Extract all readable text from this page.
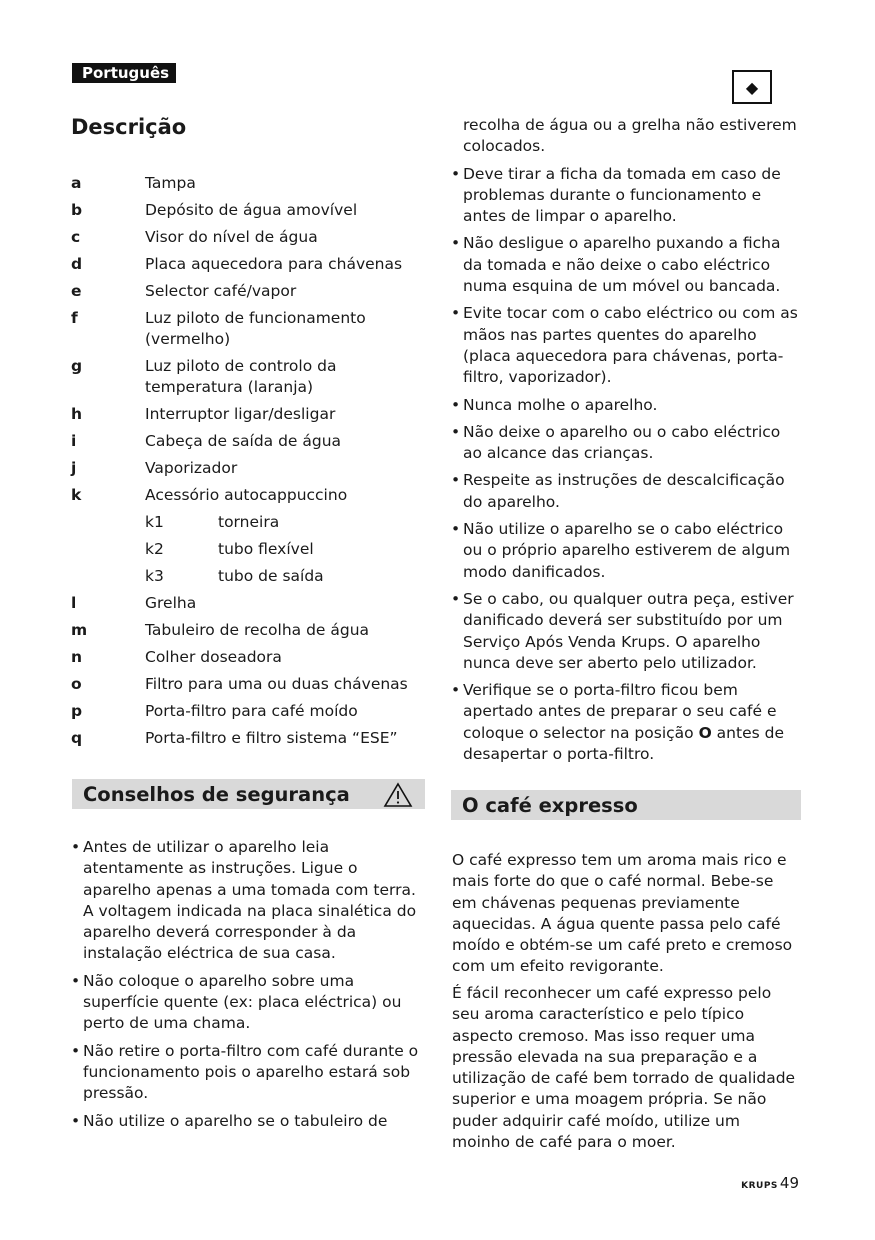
Português
◆
Descrição
a	Tampa
b	Depósito de água amovível
c	Visor do nível de água
d	Placa aquecedora para chávenas
e	Selector café/vapor
f	Luz piloto de funcionamento (vermelho)
g	Luz piloto de controlo da temperatura (laranja)
h	Interruptor ligar/desligar
i	Cabeça de saída de água
j	Vaporizador
k	Acessório autocappuccino
k1	torneira
k2	tubo flexível
k3	tubo de saída
l	Grelha
m	Tabuleiro de recolha de água
n	Colher doseadora
o	Filtro para uma ou duas chávenas
p	Porta-filtro para café moído
q	Porta-filtro e filtro sistema “ESE”
Conselhos de segurança
• Antes de utilizar o aparelho leia atentamente as instruções. Ligue o aparelho apenas a uma tomada com terra. A voltagem indicada na placa sinalética do aparelho deverá corresponder à da instalação eléctrica de sua casa.
• Não coloque o aparelho sobre uma superfície quente (ex: placa eléctrica) ou perto de uma chama.
• Não retire o porta-filtro com café durante o funcionamento pois o aparelho estará sob pressão.
• Não utilize o aparelho se o tabuleiro de
recolha de água ou a grelha não estiverem colocados.
• Deve tirar a ficha da tomada em caso de problemas durante o funcionamento e antes de limpar o aparelho.
• Não desligue o aparelho puxando a ficha da tomada e não deixe o cabo eléctrico numa esquina de um móvel ou bancada.
• Evite tocar com o cabo eléctrico ou com as mãos nas partes quentes do aparelho (placa aquecedora para chávenas, porta-filtro, vaporizador).
• Nunca molhe o aparelho.
• Não deixe o aparelho ou o cabo eléctrico ao alcance das crianças.
• Respeite as instruções de descalcificação do aparelho.
• Não utilize o aparelho se o cabo eléctrico ou o próprio aparelho estiverem de algum modo danificados.
• Se o cabo, ou qualquer outra peça, estiver danificado deverá ser substituído por um Serviço Após Venda Krups. O aparelho nunca deve ser aberto pelo utilizador.
• Verifique se o porta-filtro ficou bem apertado antes de preparar o seu café e coloque o selector na posição O antes de desapertar o porta-filtro.
O café expresso

O café expresso tem um aroma mais rico e mais forte do que o café normal. Bebe-se em chávenas pequenas previamente aquecidas. A água quente passa pelo café moído e obtém-se um café preto e cremoso com um efeito revigorante.

É fácil reconhecer um café expresso pelo seu aroma característico e pelo típico aspecto cremoso. Mas isso requer uma pressão elevada na sua preparação e a utilização de café bem torrado de qualidade superior e uma moagem própria. Se não puder adquirir café moído, utilize um moinho de café para o moer.

KRUPS 49
